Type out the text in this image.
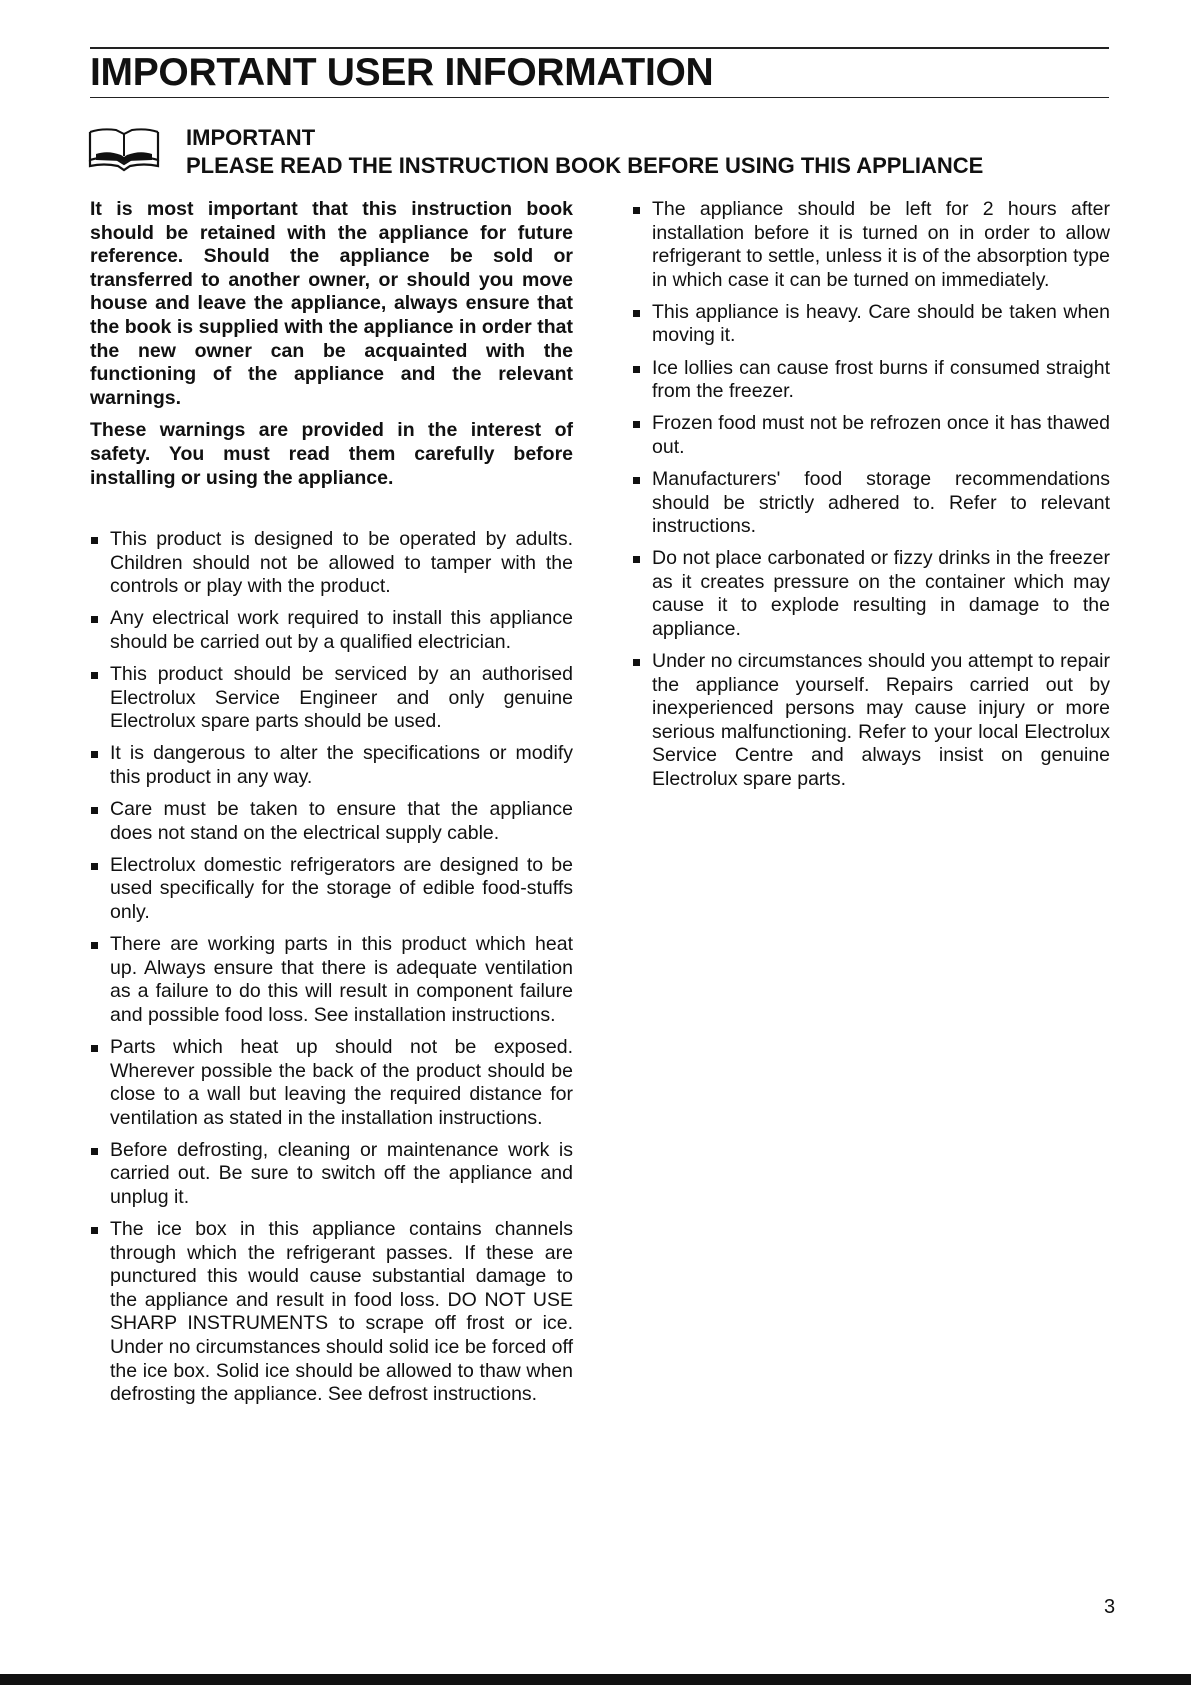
IMPORTANT USER INFORMATION
IMPORTANT
PLEASE READ THE INSTRUCTION BOOK BEFORE USING THIS APPLIANCE

It is most important that this instruction book should be retained with the appliance for future reference. Should the appliance be sold or transferred to another owner, or should you move house and leave the appliance, always ensure that the book is supplied with the appliance in order that the new owner can be acquainted with the functioning of the appliance and the relevant warnings.

These warnings are provided in the interest of safety. You must read them carefully before installing or using the appliance.

This product is designed to be operated by adults. Children should not be allowed to tamper with the controls or play with the product.
Any electrical work required to install this appliance should be carried out by a qualified electrician.
This product should be serviced by an authorised Electrolux Service Engineer and only genuine Electrolux spare parts should be used.
It is dangerous to alter the specifications or modify this product in any way.
Care must be taken to ensure that the appliance does not stand on the electrical supply cable.
Electrolux domestic refrigerators are designed to be used specifically for the storage of edible food-stuffs only.
There are working parts in this product which heat up. Always ensure that there is adequate ventilation as a failure to do this will result in component failure and possible food loss. See installation instructions.
Parts which heat up should not be exposed. Wherever possible the back of the product should be close to a wall but leaving the required distance for ventilation as stated in the installation instructions.
Before defrosting, cleaning or maintenance work is carried out. Be sure to switch off the appliance and unplug it.
The ice box in this appliance contains channels through which the refrigerant passes. If these are punctured this would cause substantial damage to the appliance and result in food loss. DO NOT USE SHARP INSTRUMENTS to scrape off frost or ice. Under no circumstances should solid ice be forced off the ice box. Solid ice should be allowed to thaw when defrosting the appliance. See defrost instructions.
The appliance should be left for 2 hours after installation before it is turned on in order to allow refrigerant to settle, unless it is of the absorption type in which case it can be turned on immediately.
This appliance is heavy. Care should be taken when moving it.
Ice lollies can cause frost burns if consumed straight from the freezer.
Frozen food must not be refrozen once it has thawed out.
Manufacturers' food storage recommendations should be strictly adhered to. Refer to relevant instructions.
Do not place carbonated or fizzy drinks in the freezer as it creates pressure on the container which may cause it to explode resulting in damage to the appliance.
Under no circumstances should you attempt to repair the appliance yourself. Repairs carried out by inexperienced persons may cause injury or more serious malfunctioning. Refer to your local Electrolux Service Centre and always insist on genuine Electrolux spare parts.
3
